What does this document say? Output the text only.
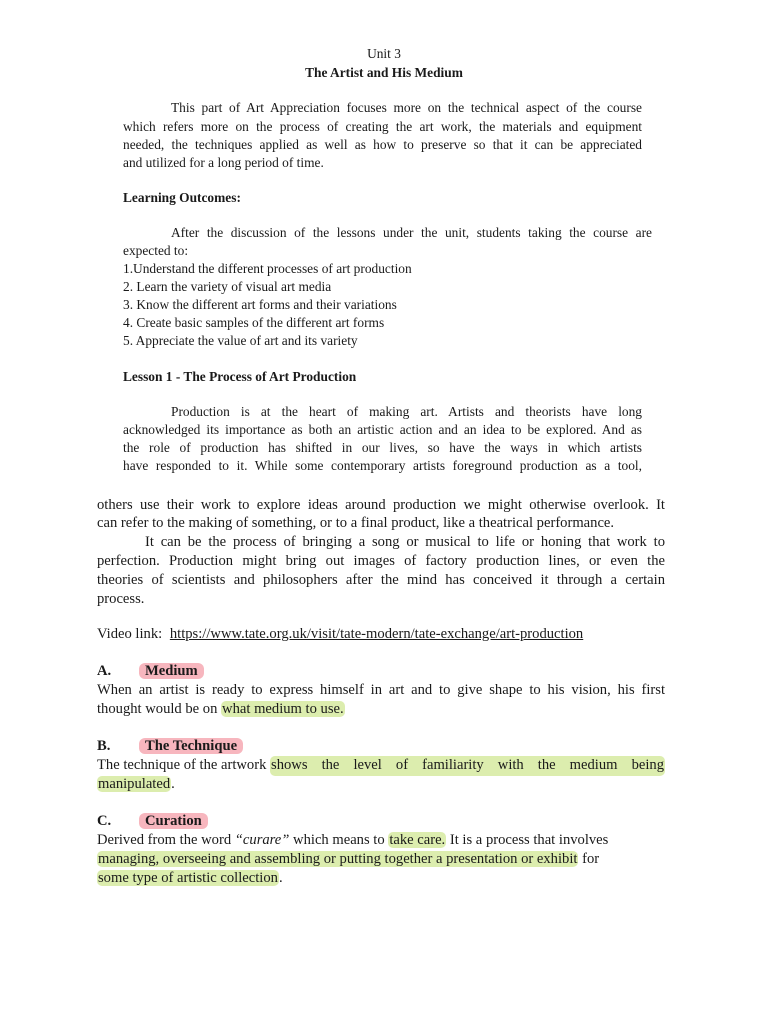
Unit 3
The Artist and His Medium
This part of Art Appreciation focuses more on the technical aspect of the course
which refers more on the process of creating the art work, the materials and equipment
needed, the techniques applied as well as how to preserve so that it can be appreciated
and utilized for a long period of time.
Learning Outcomes:
After the discussion of the lessons under the unit, students taking the course are
expected to:
1.Understand the different processes of art production
2. Learn the variety of visual art media
3. Know the different art forms and their variations
4. Create basic samples of the different art forms
5. Appreciate the value of art and its variety
Lesson 1 - The Process of Art Production
Production is at the heart of making art. Artists and theorists have long
acknowledged its importance as both an artistic action and an idea to be explored. And as
the role of production has shifted in our lives, so have the ways in which artists
have responded to it. While some contemporary artists foreground production as a tool,
others use their work to explore ideas around production we might otherwise overlook. It
can refer to the making of something, or to a final product, like a theatrical performance.
It can be the process of bringing a song or musical to life or honing that work to
perfection. Production might bring out images of factory production lines, or even the
theories of scientists and philosophers after the mind has conceived it through a certain
process.
Video link: https://www.tate.org.uk/visit/tate-modern/tate-exchange/art-production
A. Medium
When an artist is ready to express himself in art and to give shape to his vision, his first
thought would be on what medium to use.
B. The Technique
The technique of the artwork shows the level of familiarity with the medium being
manipulated.
C. Curation
Derived from the word “curare” which means to take care. It is a process that involves
managing, overseeing and assembling or putting together a presentation or exhibit for
some type of artistic collection.
